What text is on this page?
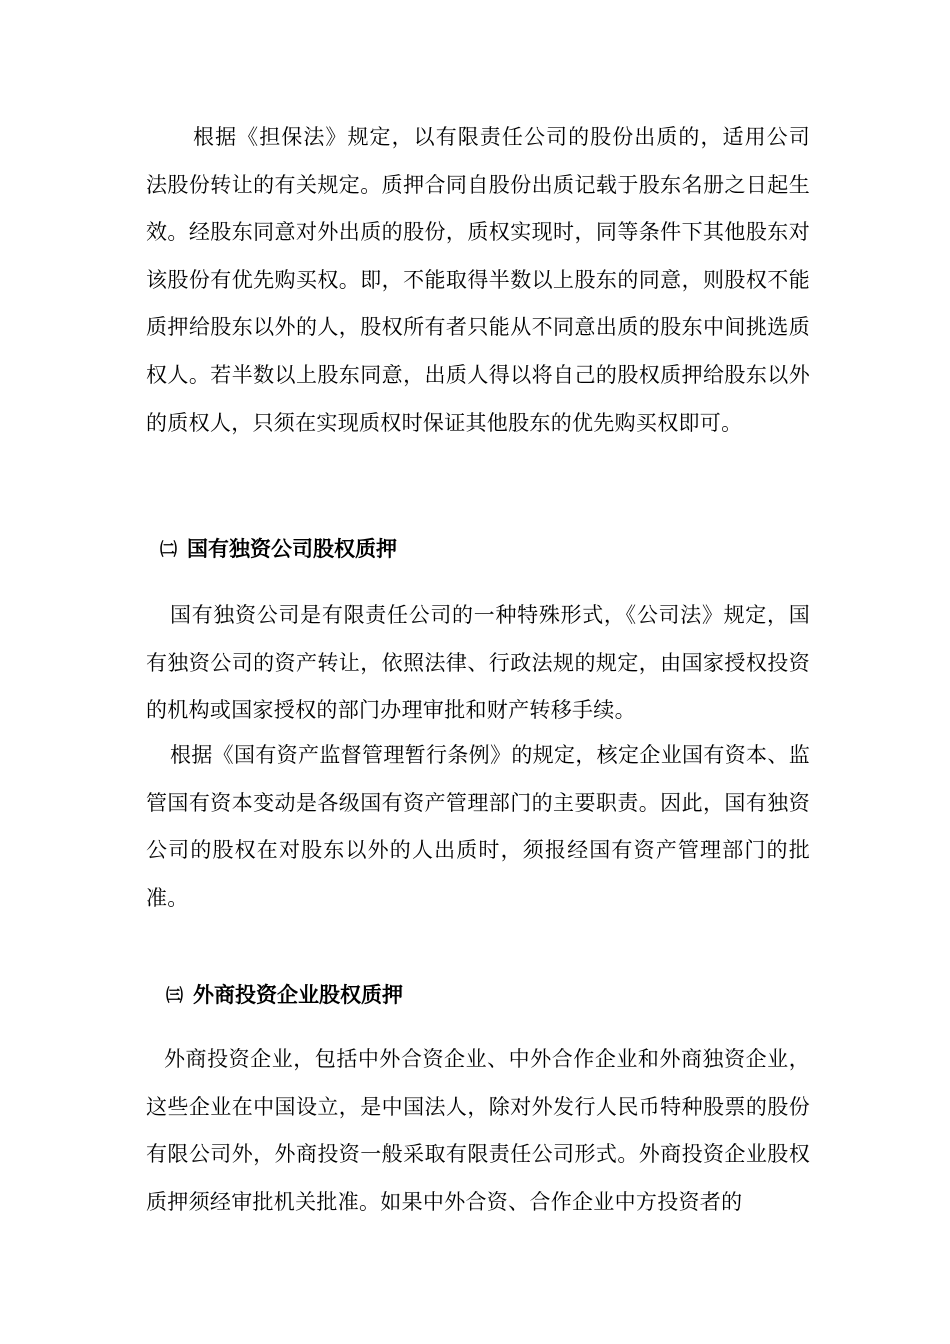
根据《担保法》规定，以有限责任公司的股份出质的，适用公司法股份转让的有关规定。质押合同自股份出质记载于股东名册之日起生效。经股东同意对外出质的股份，质权实现时，同等条件下其他股东对该股份有优先购买权。即，不能取得半数以上股东的同意，则股权不能质押给股东以外的人，股权所有者只能从不同意出质的股东中间挑选质权人。若半数以上股东同意，出质人得以将自己的股权质押给股东以外的质权人，只须在实现质权时保证其他股东的优先购买权即可。

㈡ 国有独资公司股权质押

国有独资公司是有限责任公司的一种特殊形式，《公司法》规定，国有独资公司的资产转让，依照法律、行政法规的规定，由国家授权投资的机构或国家授权的部门办理审批和财产转移手续。

根据《国有资产监督管理暂行条例》的规定，核定企业国有资本、监管国有资本变动是各级国有资产管理部门的主要职责。因此，国有独资公司的股权在对股东以外的人出质时，须报经国有资产管理部门的批准。

㈢ 外商投资企业股权质押

外商投资企业，包括中外合资企业、中外合作企业和外商独资企业，这些企业在中国设立，是中国法人，除对外发行人民币特种股票的股份有限公司外，外商投资一般采取有限责任公司形式。外商投资企业股权质押须经审批机关批准。如果中外合资、合作企业中方投资者的
